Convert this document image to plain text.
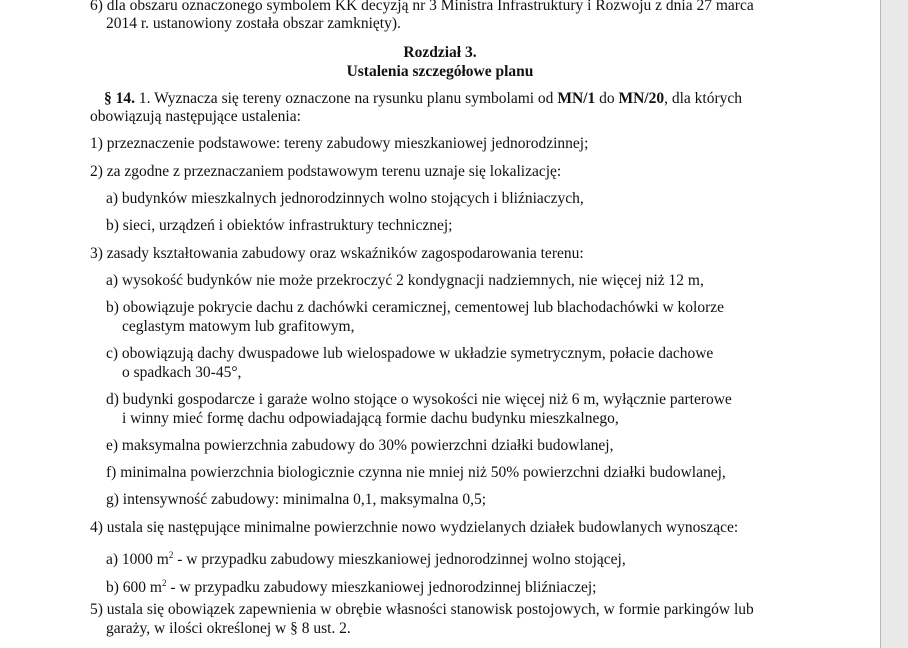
6) dla obszaru oznaczonego symbolem KK decyzją nr 3 Ministra Infrastruktury i Rozwoju z dnia 27 marca
2014 r. ustanowiony została obszar zamknięty).
Rozdział 3.
Ustalenia szczegółowe planu
§ 14. 1. Wyznacza się tereny oznaczone na rysunku planu symbolami od MN/1 do MN/20, dla których
obowiązują następujące ustalenia:
1) przeznaczenie podstawowe: tereny zabudowy mieszkaniowej jednorodzinnej;
2) za zgodne z przeznaczaniem podstawowym terenu uznaje się lokalizację:
a) budynków mieszkalnych jednorodzinnych wolno stojących i bliźniaczych,
b) sieci, urządzeń i obiektów infrastruktury technicznej;
3) zasady kształtowania zabudowy oraz wskaźników zagospodarowania terenu:
a) wysokość budynków nie może przekroczyć 2 kondygnacji nadziemnych, nie więcej niż 12 m,
b) obowiązuje pokrycie dachu z dachówki ceramicznej, cementowej lub blachodachówki w kolorze
ceglastym matowym lub grafitowym,
c) obowiązują dachy dwuspadowe lub wielospadowe w układzie symetrycznym, połacie dachowe
o spadkach 30-45°,
d) budynki gospodarcze i garaże wolno stojące o wysokości nie więcej niż 6 m, wyłącznie parterowe
i winny mieć formę dachu odpowiadającą formie dachu budynku mieszkalnego,
e) maksymalna powierzchnia zabudowy do 30% powierzchni działki budowlanej,
f) minimalna powierzchnia biologicznie czynna nie mniej niż 50% powierzchni działki budowlanej,
g) intensywność zabudowy: minimalna 0,1, maksymalna 0,5;
4) ustala się następujące minimalne powierzchnie nowo wydzielanych działek budowlanych wynoszące:
a) 1000 $m^2$ - w przypadku zabudowy mieszkaniowej jednorodzinnej wolno stojącej,
b) 600 $m^2$ - w przypadku zabudowy mieszkaniowej jednorodzinnej bliźniaczej;
5) ustala się obowiązek zapewnienia w obrębie własności stanowisk postojowych, w formie parkingów lub
garaży, w ilości określonej w § 8 ust. 2.
